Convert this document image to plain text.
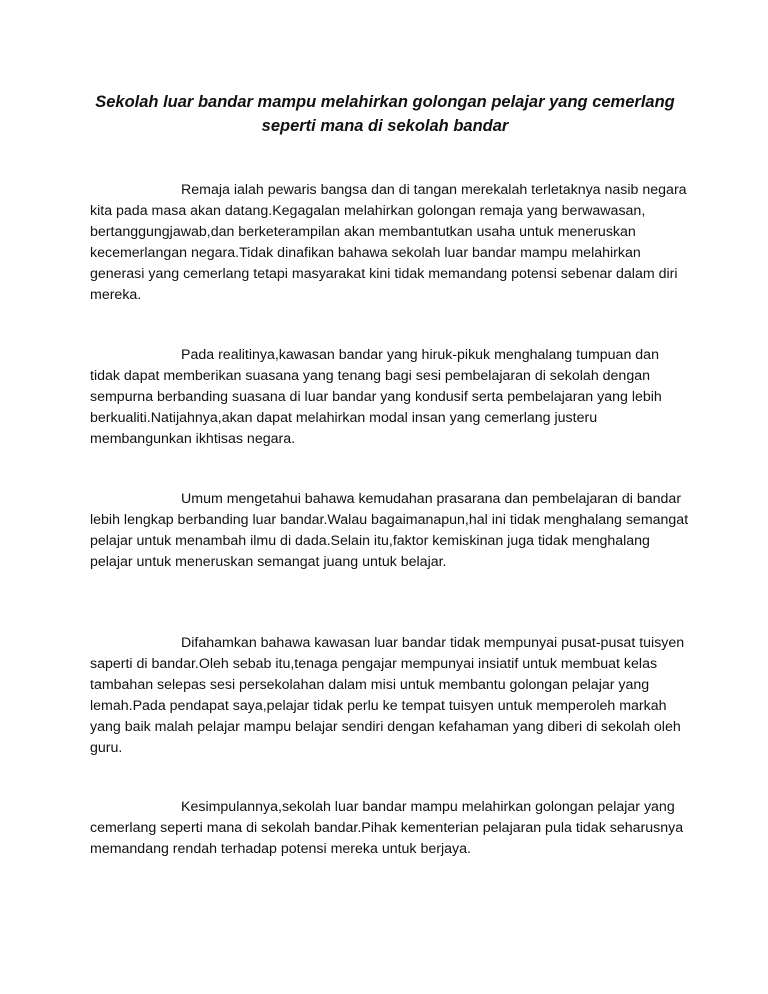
Sekolah luar bandar mampu melahirkan golongan pelajar yang cemerlang seperti mana di sekolah bandar

Remaja ialah pewaris bangsa dan di tangan merekalah terletaknya nasib negara kita pada masa akan datang.Kegagalan melahirkan golongan remaja yang berwawasan, bertanggungjawab,dan berketerampilan akan membantutkan usaha untuk meneruskan kecemerlangan negara.Tidak dinafikan bahawa sekolah luar bandar mampu melahirkan generasi yang cemerlang tetapi masyarakat kini tidak memandang potensi sebenar dalam diri mereka.

Pada realitinya,kawasan bandar yang hiruk-pikuk menghalang tumpuan dan tidak dapat memberikan suasana yang tenang bagi sesi pembelajaran di sekolah dengan sempurna berbanding suasana di luar bandar yang kondusif serta pembelajaran yang lebih berkualiti.Natijahnya,akan dapat melahirkan modal insan yang cemerlang justeru membangunkan ikhtisas negara.

Umum mengetahui bahawa kemudahan prasarana dan pembelajaran di bandar lebih lengkap berbanding luar bandar.Walau bagaimanapun,hal ini tidak menghalang semangat pelajar untuk menambah ilmu di dada.Selain itu,faktor kemiskinan juga tidak menghalang pelajar untuk meneruskan semangat juang untuk belajar.

Difahamkan bahawa kawasan luar bandar tidak mempunyai pusat-pusat tuisyen saperti di bandar.Oleh sebab itu,tenaga pengajar mempunyai insiatif untuk membuat kelas tambahan selepas sesi persekolahan dalam misi untuk membantu golongan pelajar yang lemah.Pada pendapat saya,pelajar tidak perlu ke tempat tuisyen untuk memperoleh markah yang baik malah pelajar mampu belajar sendiri dengan kefahaman yang diberi di sekolah oleh guru.

Kesimpulannya,sekolah luar bandar mampu melahirkan golongan pelajar yang cemerlang seperti mana di sekolah bandar.Pihak kementerian pelajaran pula tidak seharusnya memandang rendah terhadap potensi mereka untuk berjaya.
